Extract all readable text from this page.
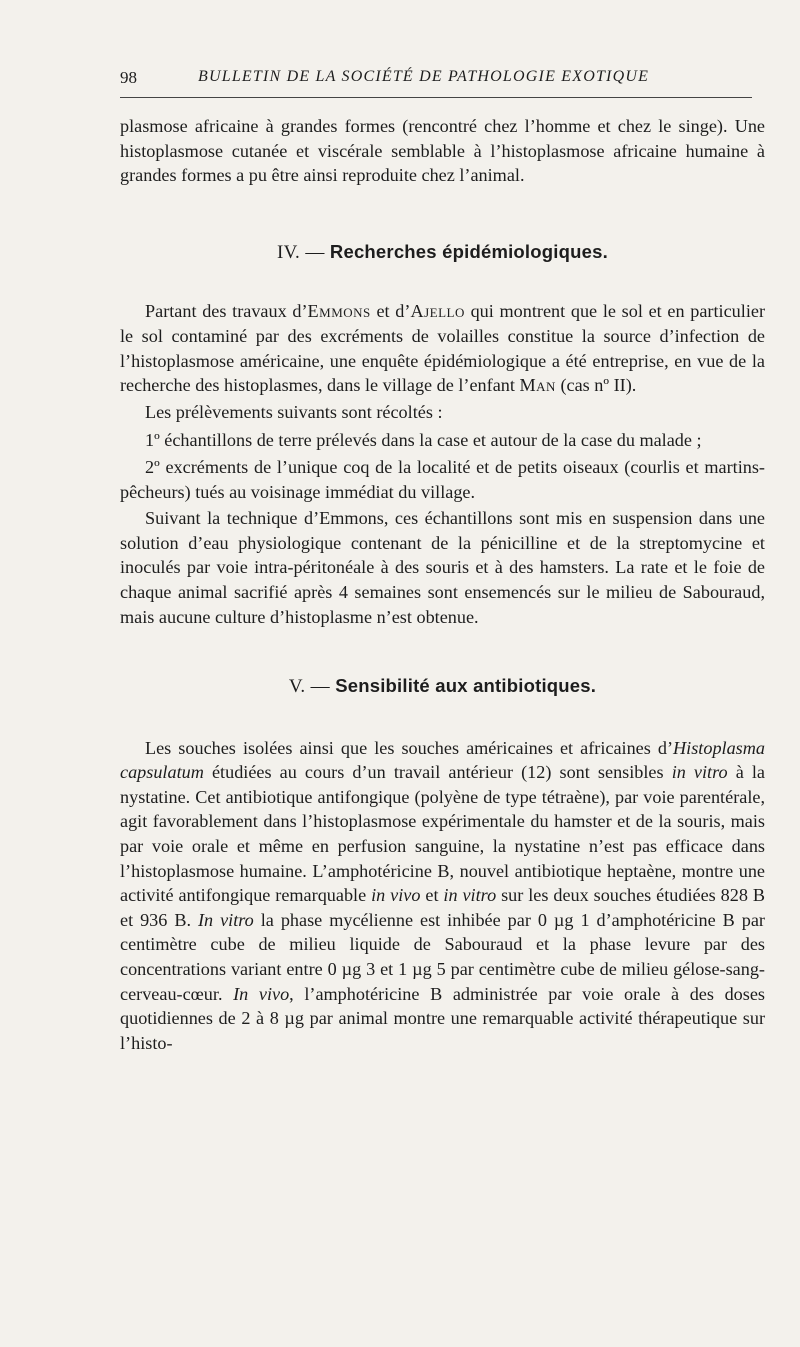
98	BULLETIN DE LA SOCIÉTÉ DE PATHOLOGIE EXOTIQUE

plasmose africaine à grandes formes (rencontré chez l’homme et chez le singe). Une histoplasmose cutanée et viscérale semblable à l’histoplasmose africaine humaine à grandes formes a pu être ainsi reproduite chez l’animal.

IV. — Recherches épidémiologiques.

Partant des travaux d’Emmons et d’Ajello qui montrent que le sol et en particulier le sol contaminé par des excréments de volailles constitue la source d’infection de l’histoplasmose américaine, une enquête épidémiologique a été entreprise, en vue de la recherche des histoplasmes, dans le village de l’enfant Man (cas nº II).

Les prélèvements suivants sont récoltés :

1º échantillons de terre prélevés dans la case et autour de la case du malade ;

2º excréments de l’unique coq de la localité et de petits oiseaux (courlis et martins-pêcheurs) tués au voisinage immédiat du village.

Suivant la technique d’Emmons, ces échantillons sont mis en suspension dans une solution d’eau physiologique contenant de la pénicilline et de la streptomycine et inoculés par voie intra-péritonéale à des souris et à des hamsters. La rate et le foie de chaque animal sacrifié après 4 semaines sont ensemencés sur le milieu de Sabouraud, mais aucune culture d’histoplasme n’est obtenue.

V. — Sensibilité aux antibiotiques.

Les souches isolées ainsi que les souches américaines et africaines d’Histoplasma capsulatum étudiées au cours d’un travail antérieur (12) sont sensibles in vitro à la nystatine. Cet antibiotique antifongique (polyène de type tétraène), par voie parentérale, agit favorablement dans l’histoplasmose expérimentale du hamster et de la souris, mais par voie orale et même en perfusion sanguine, la nystatine n’est pas efficace dans l’histoplasmose humaine. L’amphotéricine B, nouvel antibiotique heptaène, montre une activité antifongique remarquable in vivo et in vitro sur les deux souches étudiées 828 B et 936 B. In vitro la phase mycélienne est inhibée par 0 µg 1 d’amphotéricine B par centimètre cube de milieu liquide de Sabouraud et la phase levure par des concentrations variant entre 0 µg 3 et 1 µg 5 par centimètre cube de milieu gélose-sang-cerveau-cœur. In vivo, l’amphotéricine B administrée par voie orale à des doses quotidiennes de 2 à 8 µg par animal montre une remarquable activité thérapeutique sur l’histo-
